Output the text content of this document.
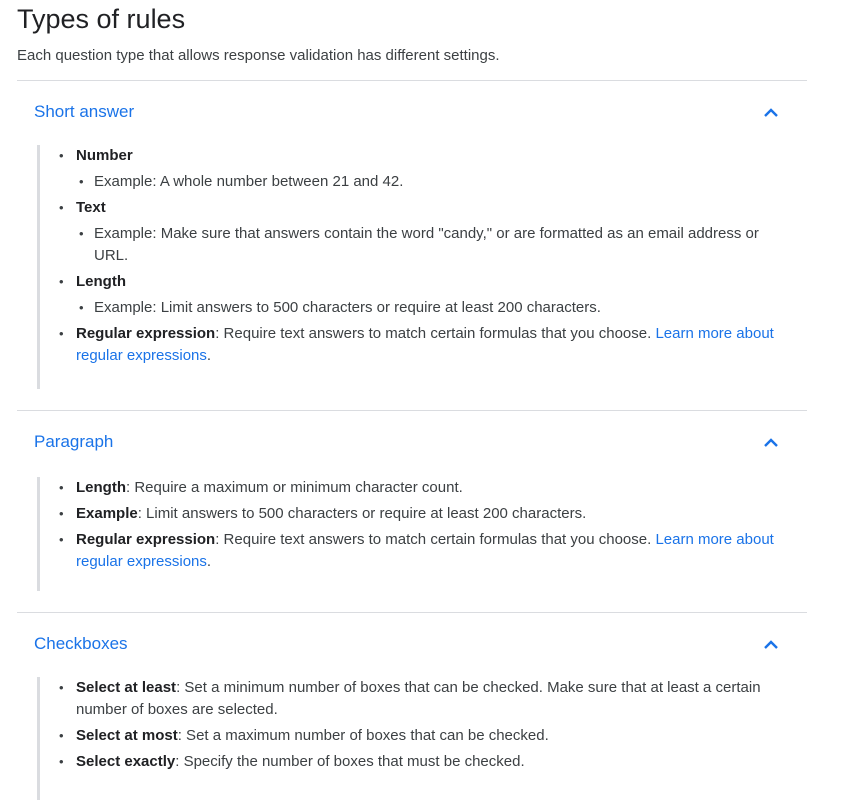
Types of rules
Each question type that allows response validation has different settings.
Short answer
• Number
• Example: A whole number between 21 and 42.
• Text
• Example: Make sure that answers contain the word "candy," or are formatted as an email address or URL.
• Length
• Example: Limit answers to 500 characters or require at least 200 characters.
• Regular expression: Require text answers to match certain formulas that you choose. Learn more about regular expressions.
Paragraph
• Length: Require a maximum or minimum character count.
• Example: Limit answers to 500 characters or require at least 200 characters.
• Regular expression: Require text answers to match certain formulas that you choose. Learn more about regular expressions.
Checkboxes
• Select at least: Set a minimum number of boxes that can be checked. Make sure that at least a certain number of boxes are selected.
• Select at most: Set a maximum number of boxes that can be checked.
• Select exactly: Specify the number of boxes that must be checked.
